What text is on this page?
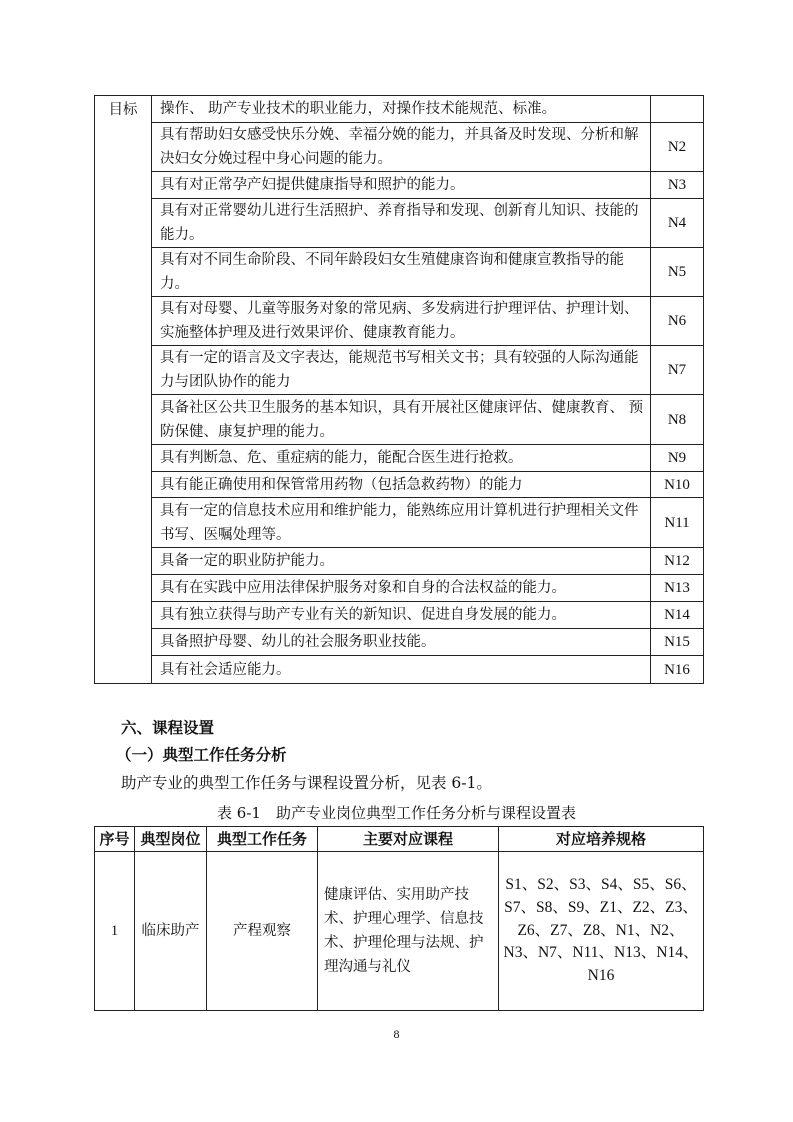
目标	操作、 助产专业技术的职业能力，对操作技术能规范、标准。	
	具有帮助妇女感受快乐分娩、幸福分娩的能力，并具备及时发现、分析和解决妇女分娩过程中身心问题的能力。	N2
	具有对正常孕产妇提供健康指导和照护的能力。	N3
	具有对正常婴幼儿进行生活照护、养育指导和发现、创新育儿知识、技能的能力。	N4
	具有对不同生命阶段、不同年龄段妇女生殖健康咨询和健康宣教指导的能力。	N5
	具有对母婴、儿童等服务对象的常见病、多发病进行护理评估、护理计划、 实施整体护理及进行效果评价、健康教育能力。	N6
	具有一定的语言及文字表达，能规范书写相关文书；具有较强的人际沟通能力与团队协作的能力	N7
	具备社区公共卫生服务的基本知识，具有开展社区健康评估、健康教育、 预防保健、康复护理的能力。	N8
	具有判断急、危、重症病的能力，能配合医生进行抢救。	N9
	具有能正确使用和保管常用药物（包括急救药物）的能力	N10
	具有一定的信息技术应用和维护能力，能熟练应用计算机进行护理相关文件书写、医嘱处理等。	N11
	具备一定的职业防护能力。	N12
	具有在实践中应用法律保护服务对象和自身的合法权益的能力。	N13
	具有独立获得与助产专业有关的新知识、促进自身发展的能力。	N14
	具备照护母婴、幼儿的社会服务职业技能。	N15
	具有社会适应能力。	N16
六、课程设置
（一）典型工作任务分析
助产专业的典型工作任务与课程设置分析，见表 6-1。
表 6-1　助产专业岗位典型工作任务分析与课程设置表
序号	典型岗位	典型工作任务	主要对应课程	对应培养规格
1	临床助产	产程观察	健康评估、实用助产技术、护理心理学、信息技术、护理伦理与法规、护理沟通与礼仪	S1、S2、S3、S4、S5、S6、S7、S8、S9、Z1、Z2、Z3、Z6、Z7、Z8、N1、N2、N3、N7、N11、N13、N14、N16
8
